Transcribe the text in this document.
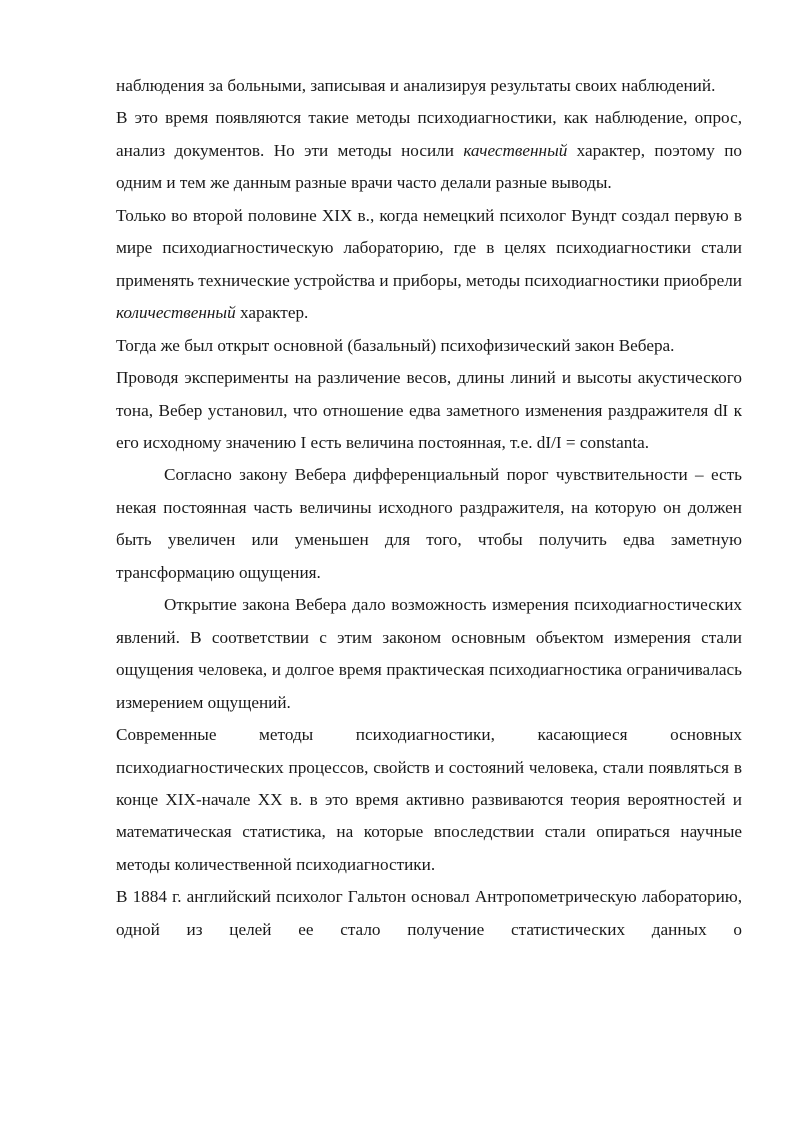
наблюдения за больными, записывая и анализируя результаты своих наблюдений.

В это время появляются такие методы психодиагностики, как наблюдение, опрос, анализ документов. Но эти методы носили качественный характер, поэтому по одним и тем же данным разные врачи часто делали разные выводы.

Только во второй половине XIX в., когда немецкий психолог Вундт создал первую в мире психодиагностическую лабораторию, где в целях психодиагностики стали применять технические устройства и приборы, методы психодиагностики приобрели количественный характер.

Тогда же был открыт основной (базальный) психофизический закон Вебера.

Проводя эксперименты на различение весов, длины линий и высоты акустического тона, Вебер установил, что отношение едва заметного изменения раздражителя dI к его исходному значению I есть величина постоянная, т.е. dI/I = constanta.

Согласно закону Вебера дифференциальный порог чувствительности – есть некая постоянная часть величины исходного раздражителя, на которую он должен быть увеличен или уменьшен для того, чтобы получить едва заметную трансформацию ощущения.

Открытие закона Вебера дало возможность измерения психодиагностических явлений. В соответствии с этим законом основным объектом измерения стали ощущения человека, и долгое время практическая психодиагностика ограничивалась измерением ощущений.

Современные методы психодиагностики, касающиеся основных психодиагностических процессов, свойств и состояний человека, стали появляться в конце XIX-начале XX в. в это время активно развиваются теория вероятностей и математическая статистика, на которые впоследствии стали опираться научные методы количественной психодиагностики.

В 1884 г. английский психолог Гальтон основал Антропометрическую лабораторию, одной из целей ее стало получение статистических данных о
